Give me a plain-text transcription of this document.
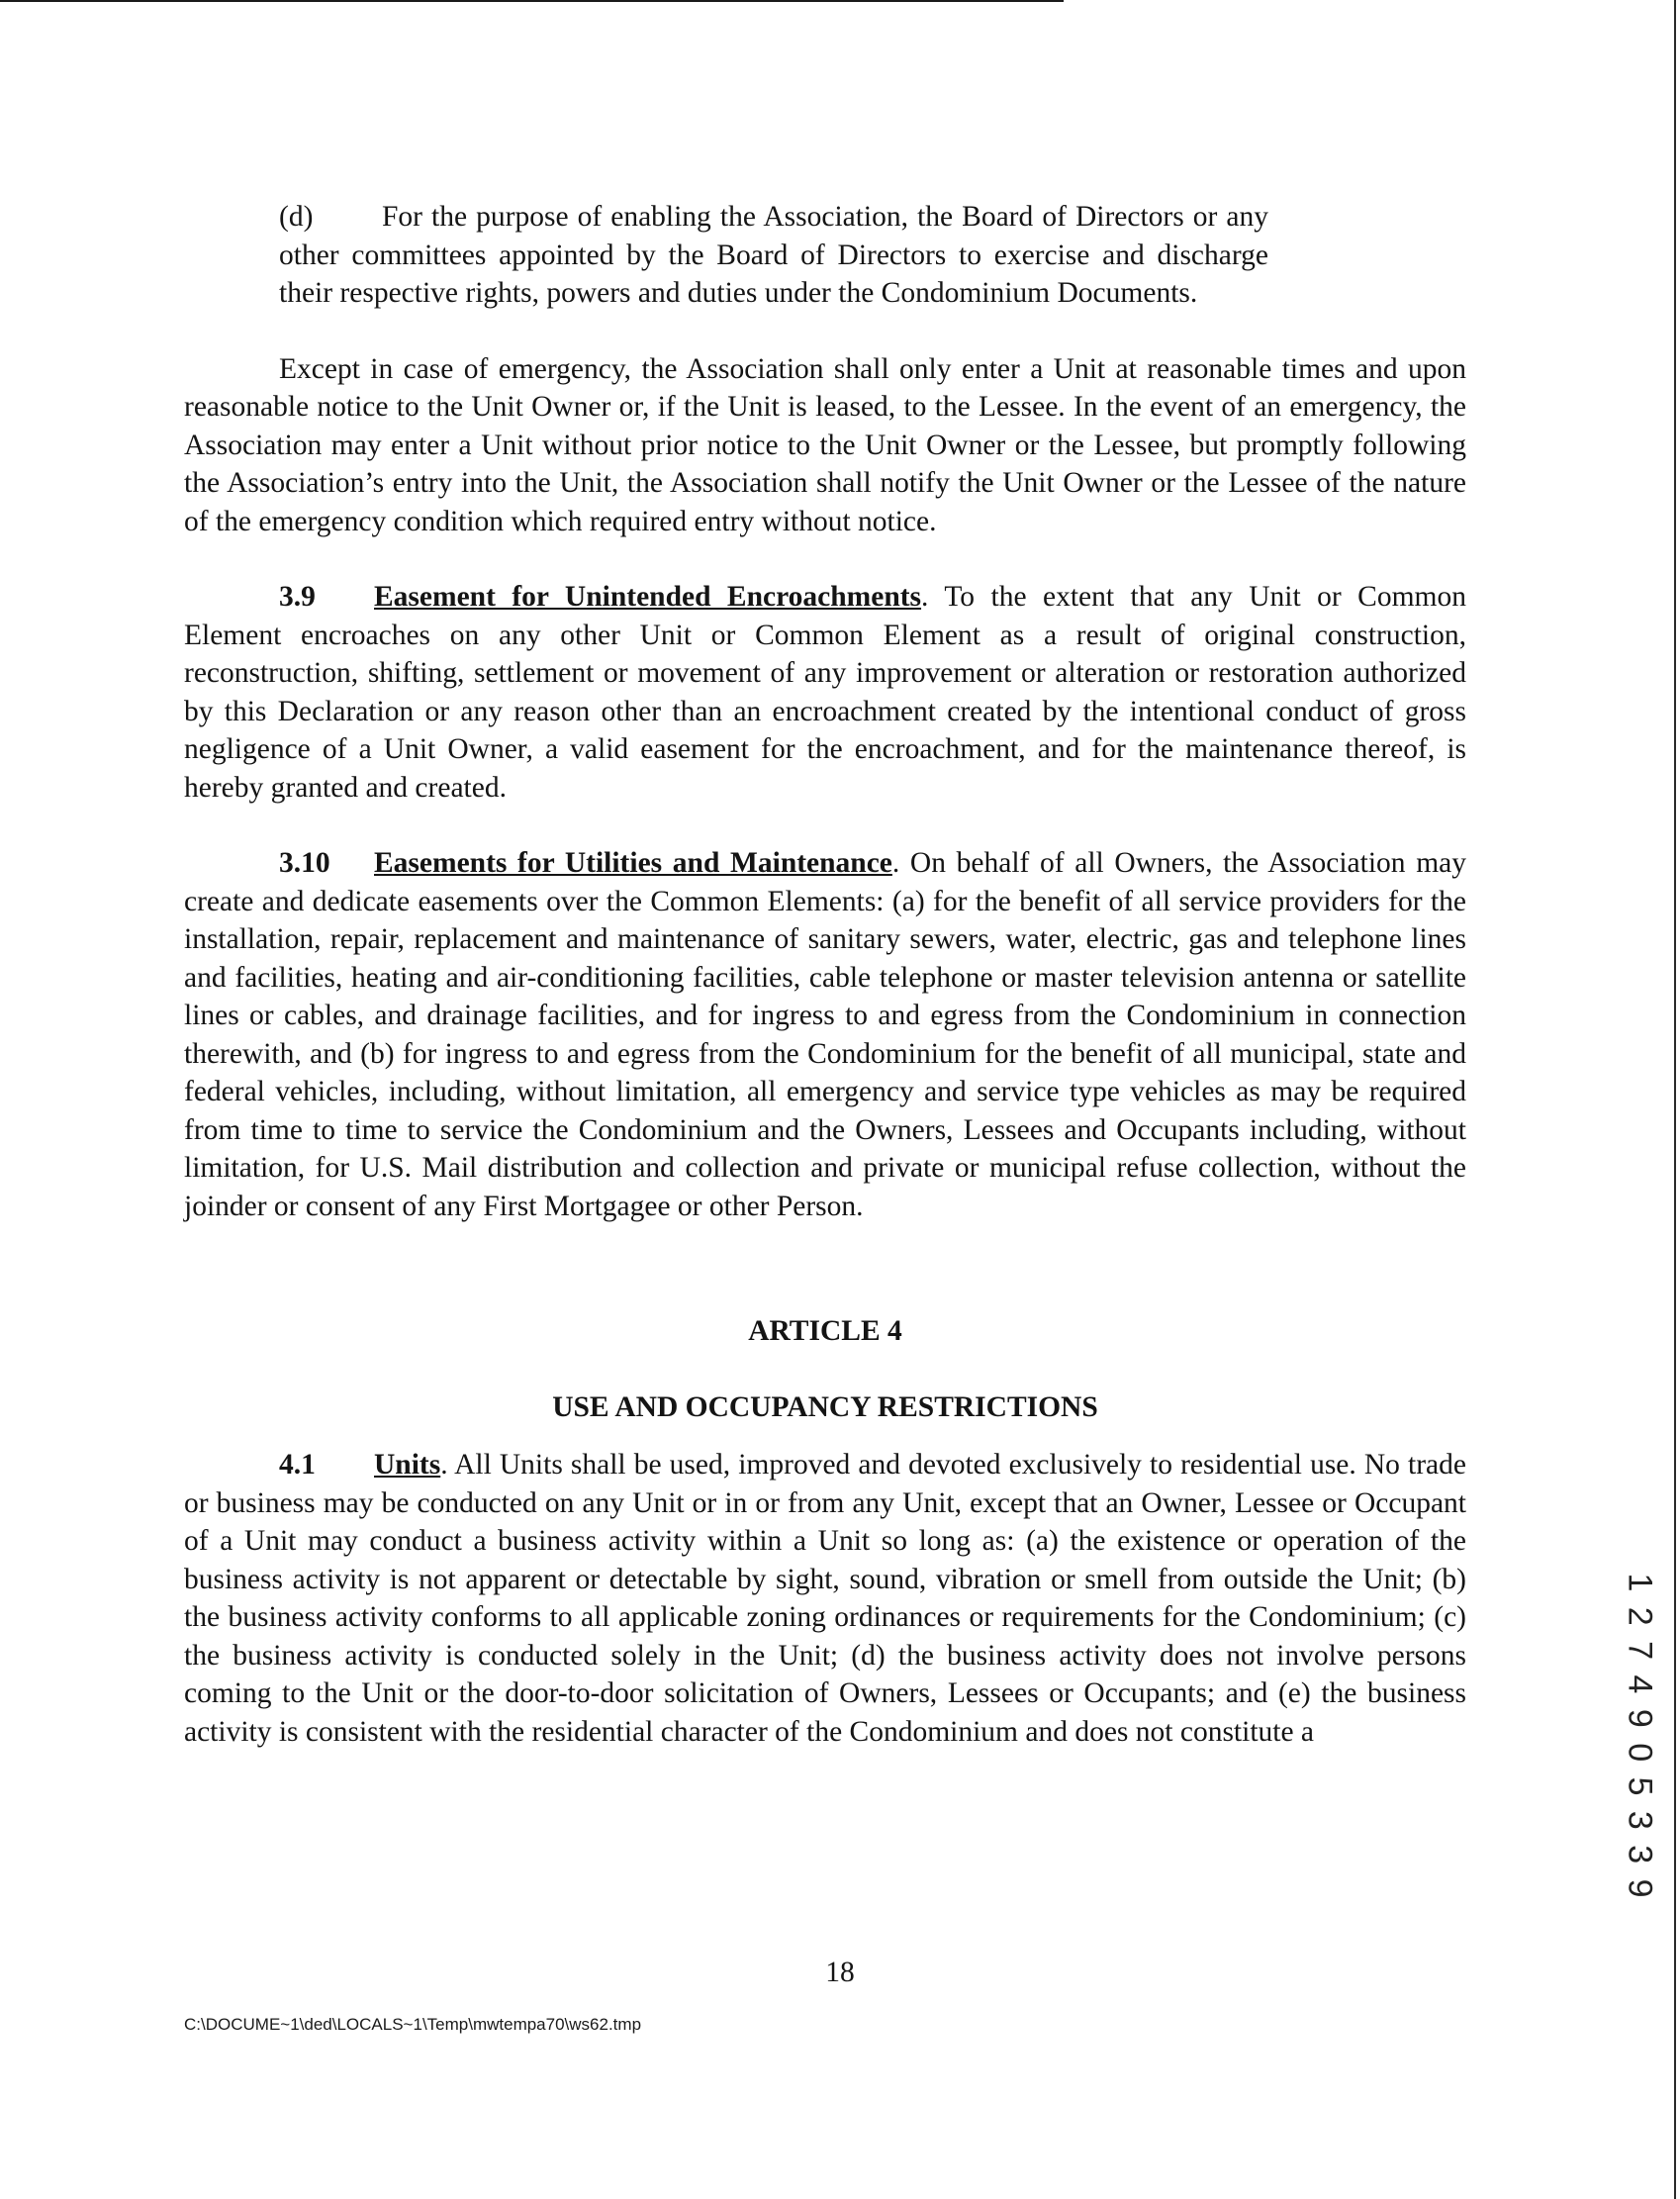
(d) For the purpose of enabling the Association, the Board of Directors or any other committees appointed by the Board of Directors to exercise and discharge their respective rights, powers and duties under the Condominium Documents.

Except in case of emergency, the Association shall only enter a Unit at reasonable times and upon reasonable notice to the Unit Owner or, if the Unit is leased, to the Lessee. In the event of an emergency, the Association may enter a Unit without prior notice to the Unit Owner or the Lessee, but promptly following the Association’s entry into the Unit, the Association shall notify the Unit Owner or the Lessee of the nature of the emergency condition which required entry without notice.

3.9 Easement for Unintended Encroachments. To the extent that any Unit or Common Element encroaches on any other Unit or Common Element as a result of original construction, reconstruction, shifting, settlement or movement of any improvement or alteration or restoration authorized by this Declaration or any reason other than an encroachment created by the intentional conduct of gross negligence of a Unit Owner, a valid easement for the encroachment, and for the maintenance thereof, is hereby granted and created.

3.10 Easements for Utilities and Maintenance. On behalf of all Owners, the Association may create and dedicate easements over the Common Elements: (a) for the benefit of all service providers for the installation, repair, replacement and maintenance of sanitary sewers, water, electric, gas and telephone lines and facilities, heating and air-conditioning facilities, cable telephone or master television antenna or satellite lines or cables, and drainage facilities, and for ingress to and egress from the Condominium in connection therewith, and (b) for ingress to and egress from the Condominium for the benefit of all municipal, state and federal vehicles, including, without limitation, all emergency and service type vehicles as may be required from time to time to service the Condominium and the Owners, Lessees and Occupants including, without limitation, for U.S. Mail distribution and collection and private or municipal refuse collection, without the joinder or consent of any First Mortgagee or other Person.

ARTICLE 4
USE AND OCCUPANCY RESTRICTIONS

4.1 Units. All Units shall be used, improved and devoted exclusively to residential use. No trade or business may be conducted on any Unit or in or from any Unit, except that an Owner, Lessee or Occupant of a Unit may conduct a business activity within a Unit so long as: (a) the existence or operation of the business activity is not apparent or detectable by sight, sound, vibration or smell from outside the Unit; (b) the business activity conforms to all applicable zoning ordinances or requirements for the Condominium; (c) the business activity is conducted solely in the Unit; (d) the business activity does not involve persons coming to the Unit or the door-to-door solicitation of Owners, Lessees or Occupants; and (e) the business activity is consistent with the residential character of the Condominium and does not constitute a

18
C:\DOCUME~1\ded\LOCALS~1\Temp\mwtempa70\ws62.tmp
1 2 7 4 9 0 5 3 3 9
